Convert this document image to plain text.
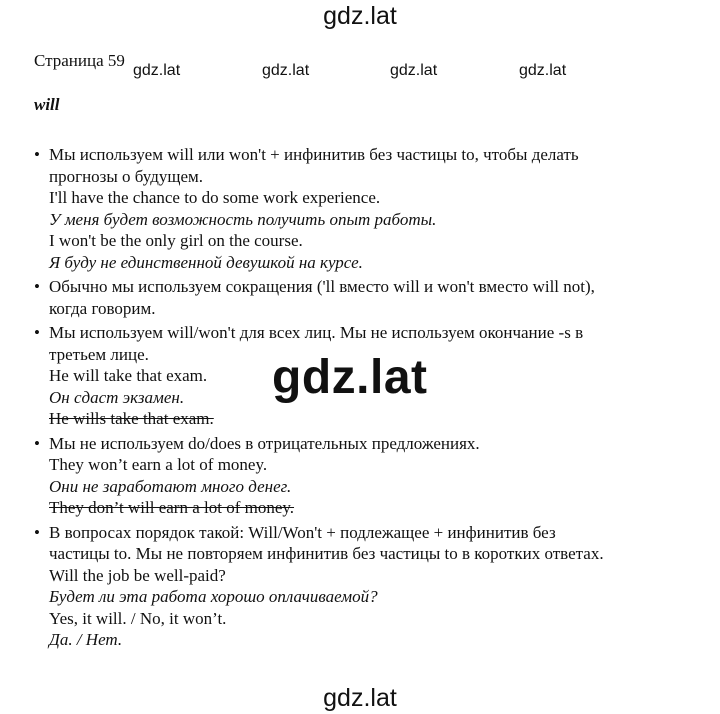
gdz.lat
Страница 59
gdz.lat	gdz.lat	gdz.lat	gdz.lat
will
• Мы используем will или won't + инфинитив без частицы to, чтобы делать
прогнозы о будущем.
I'll have the chance to do some work experience.
У меня будет возможность получить опыт работы.
I won't be the only girl on the course.
Я буду не единственной девушкой на курсе.
• Обычно мы используем сокращения ('ll вместо will и won't вместо will not),
когда говорим.
• Мы используем will/won't для всех лиц. Мы не используем окончание -s в
третьем лице.
He will take that exam.
Он сдаст экзамен.
He wills take that exam.
• Мы не используем do/does в отрицательных предложениях.
They won’t earn a lot of money.
Они не заработают много денег.
They don’t will earn a lot of money.
• В вопросах порядок такой: Will/Won't + подлежащее + инфинитив без
частицы to. Мы не повторяем инфинитив без частицы to в коротких ответах.
Will the job be well-paid?
Будет ли эта работа хорошо оплачиваемой?
Yes, it will. / No, it won’t.
Да. / Нет.
gdz.lat
gdz.lat
